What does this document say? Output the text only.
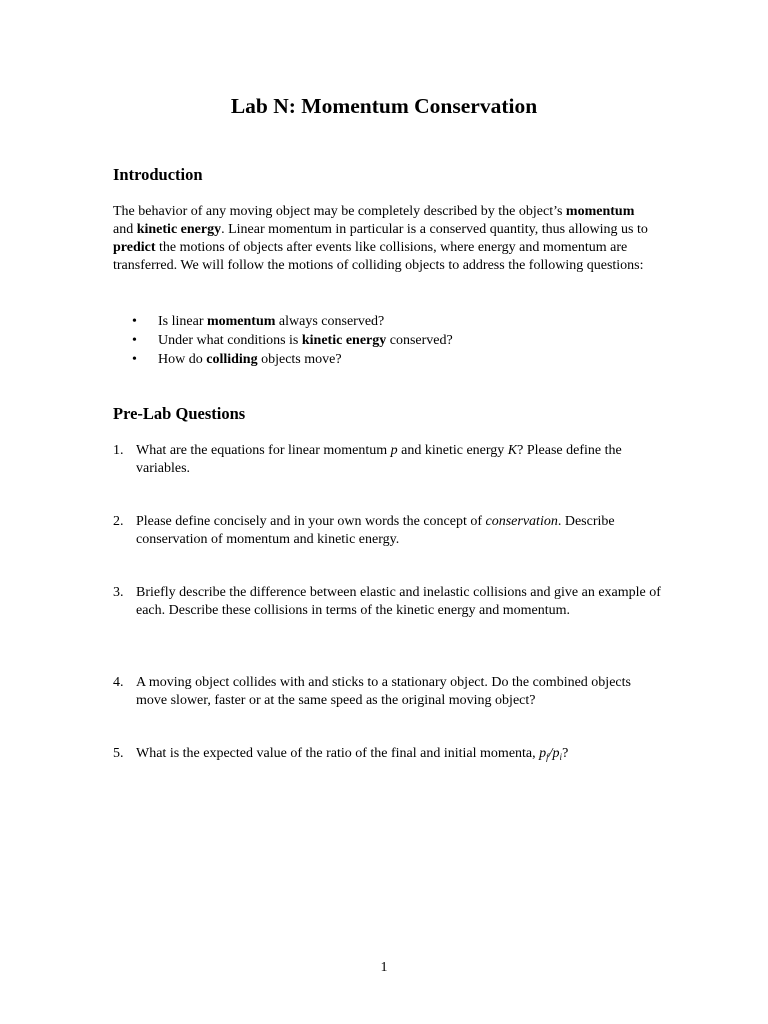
Lab N: Momentum Conservation
Introduction

The behavior of any moving object may be completely described by the object’s momentum and kinetic energy. Linear momentum in particular is a conserved quantity, thus allowing us to predict the motions of objects after events like collisions, where energy and momentum are transferred. We will follow the motions of colliding objects to address the following questions:

• Is linear momentum always conserved?
• Under what conditions is kinetic energy conserved?
• How do colliding objects move?
Pre-Lab Questions
1. What are the equations for linear momentum p and kinetic energy K? Please define the variables.
2. Please define concisely and in your own words the concept of conservation. Describe conservation of momentum and kinetic energy.
3. Briefly describe the difference between elastic and inelastic collisions and give an example of each. Describe these collisions in terms of the kinetic energy and momentum.
4. A moving object collides with and sticks to a stationary object. Do the combined objects move slower, faster or at the same speed as the original moving object?
5. What is the expected value of the ratio of the final and initial momenta, $p_f/p_i$?
1
